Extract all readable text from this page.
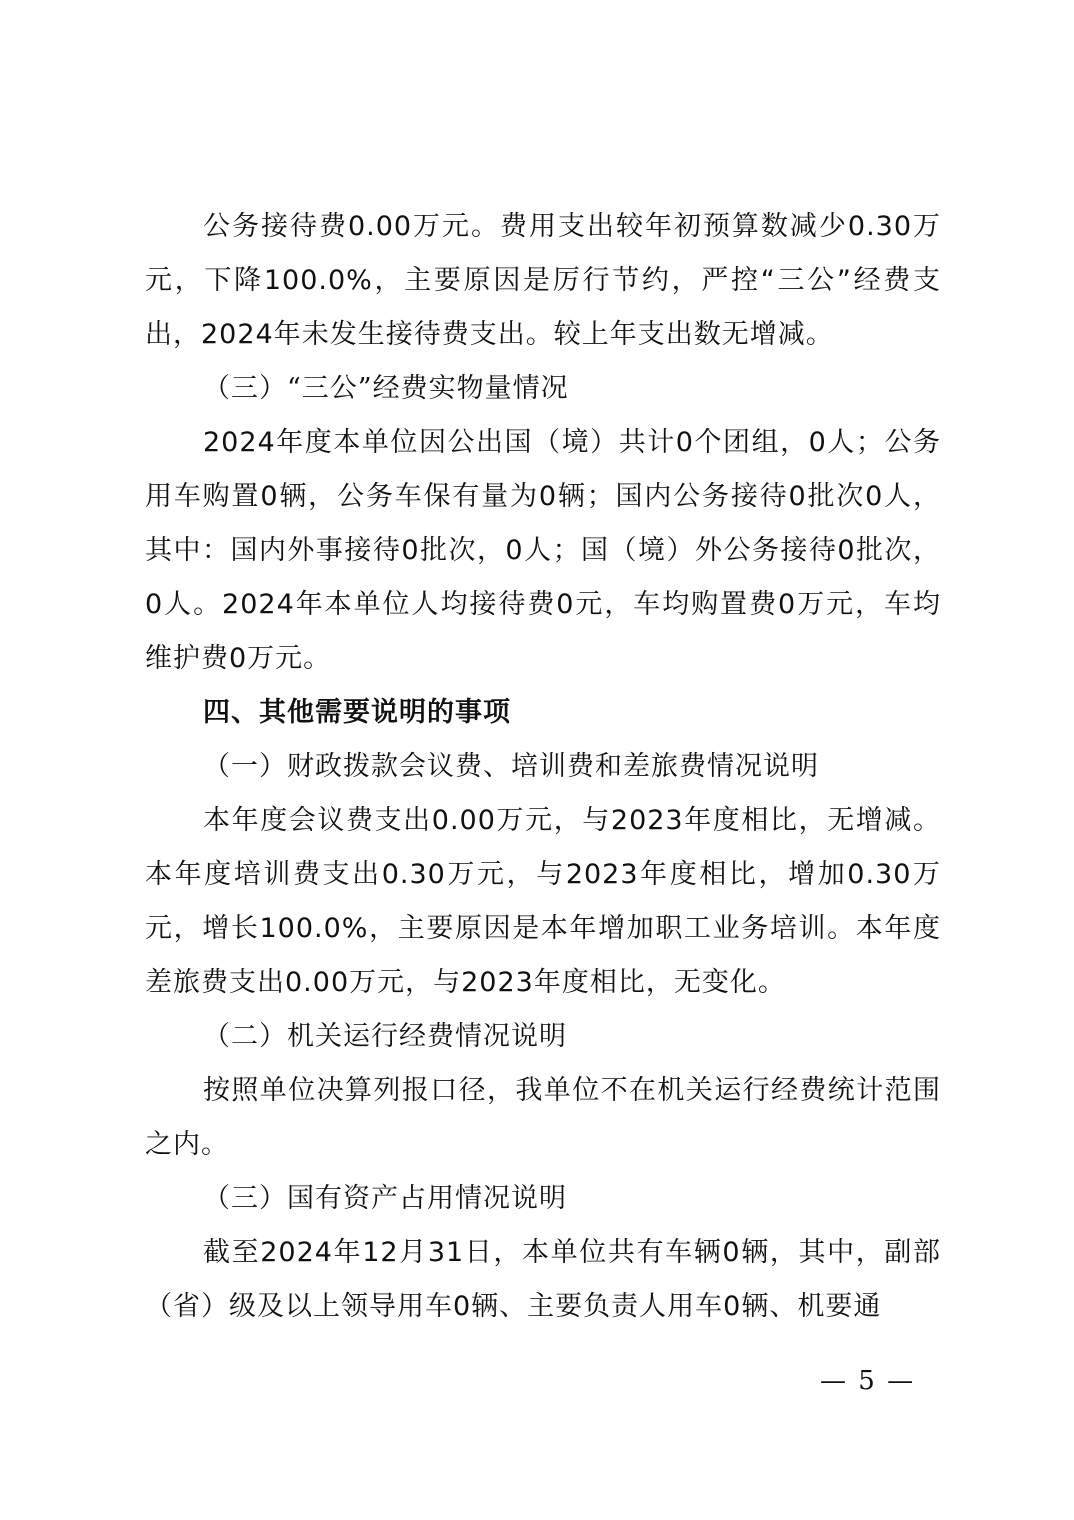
公务接待费0.00万元。费用支出较年初预算数减少0.30万元，下降100.0%，主要原因是厉行节约，严控“三公”经费支出，2024年未发生接待费支出。较上年支出数无增减。

（三）“三公”经费实物量情况

2024年度本单位因公出国（境）共计0个团组，0人；公务用车购置0辆，公务车保有量为0辆；国内公务接待0批次0人，其中：国内外事接待0批次，0人；国（境）外公务接待0批次，0人。2024年本单位人均接待费0元，车均购置费0万元，车均维护费0万元。

四、其他需要说明的事项

（一）财政拨款会议费、培训费和差旅费情况说明

本年度会议费支出0.00万元，与2023年度相比，无增减。本年度培训费支出0.30万元，与2023年度相比，增加0.30万元，增长100.0%，主要原因是本年增加职工业务培训。本年度差旅费支出0.00万元，与2023年度相比，无变化。

（二）机关运行经费情况说明

按照单位决算列报口径，我单位不在机关运行经费统计范围之内。

（三）国有资产占用情况说明

截至2024年12月31日，本单位共有车辆0辆，其中，副部（省）级及以上领导用车0辆、主要负责人用车0辆、机要通

— 5 —
